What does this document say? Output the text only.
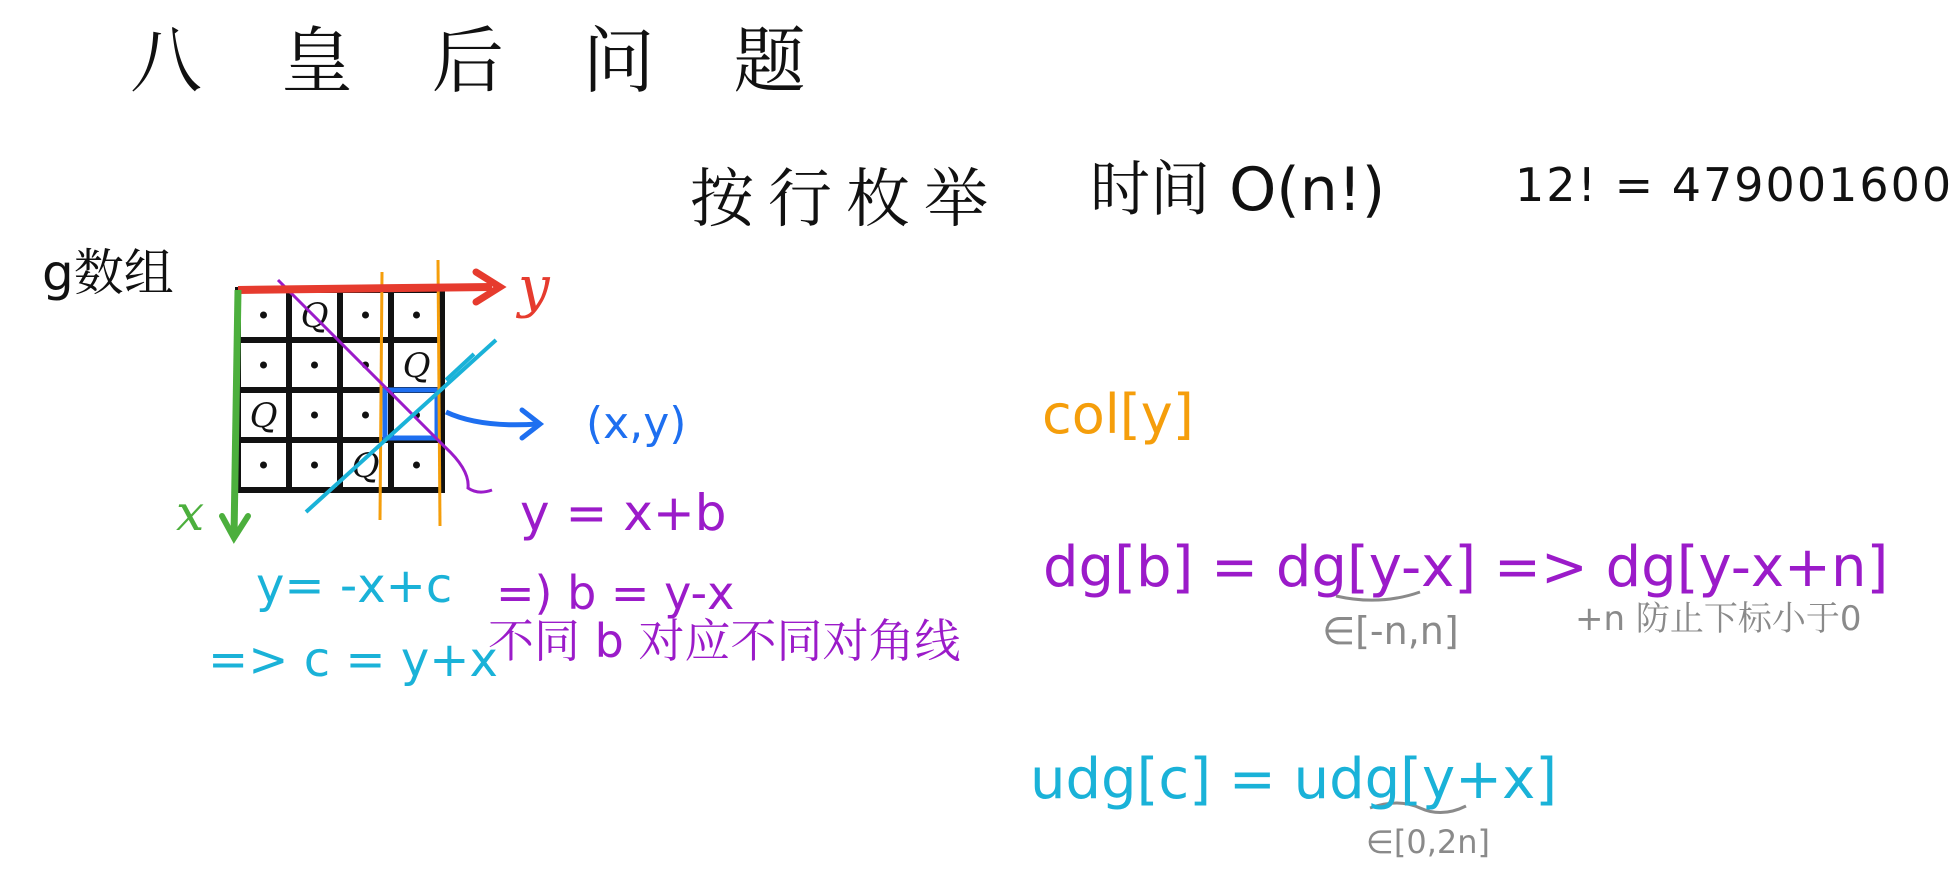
八 皇 后 问 题
按行枚举 时间 O(n!)	12! = 479001600
g数组
Q
Q
Q
Q
y
x
(x,y)
y = x+b
=) b = y-x
不同 b 对应不同对角线
y= -x+c
=> c = y+x
col[y]
dg[b] = dg[y-x] => dg[y-x+n]
∈[-n,n]	+n 防止下标小于0
udg[c] = udg[y+x]
∈[0,2n]
